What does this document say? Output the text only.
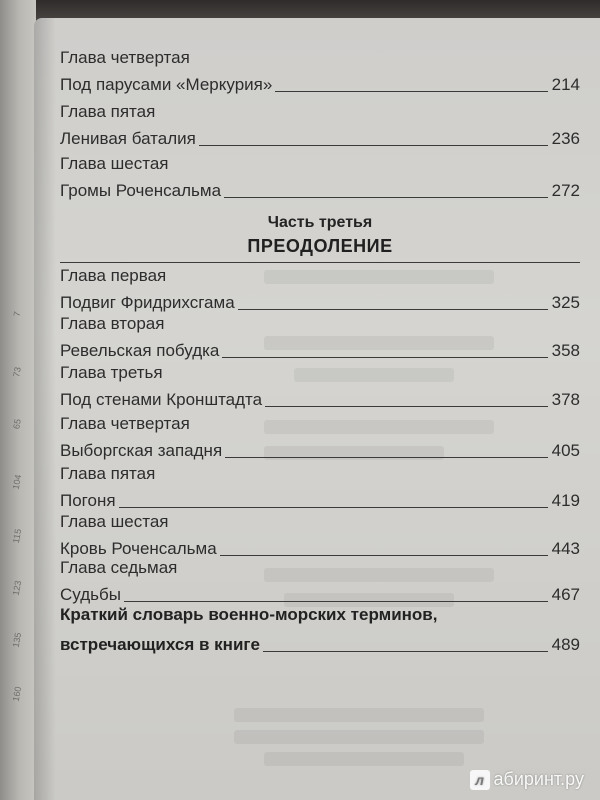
7
73
65
104
115
123
135
160
Глава четвертая
Под парусами «Меркурия»	214
Глава пятая
Ленивая баталия	236
Глава шестая
Громы Роченсальма	272
Часть третья
ПРЕОДОЛЕНИЕ
Глава первая
Подвиг Фридрихсгама	325
Глава вторая
Ревельская побудка	358
Глава третья
Под стенами Кронштадта	378
Глава четвертая
Выборгская западня	405
Глава пятая
Погоня	419
Глава шестая
Кровь Роченсальма	443
Глава седьмая
Судьбы	467
Краткий словарь военно-морских терминов,
встречающихся в книге	489
л абиринт.ру
